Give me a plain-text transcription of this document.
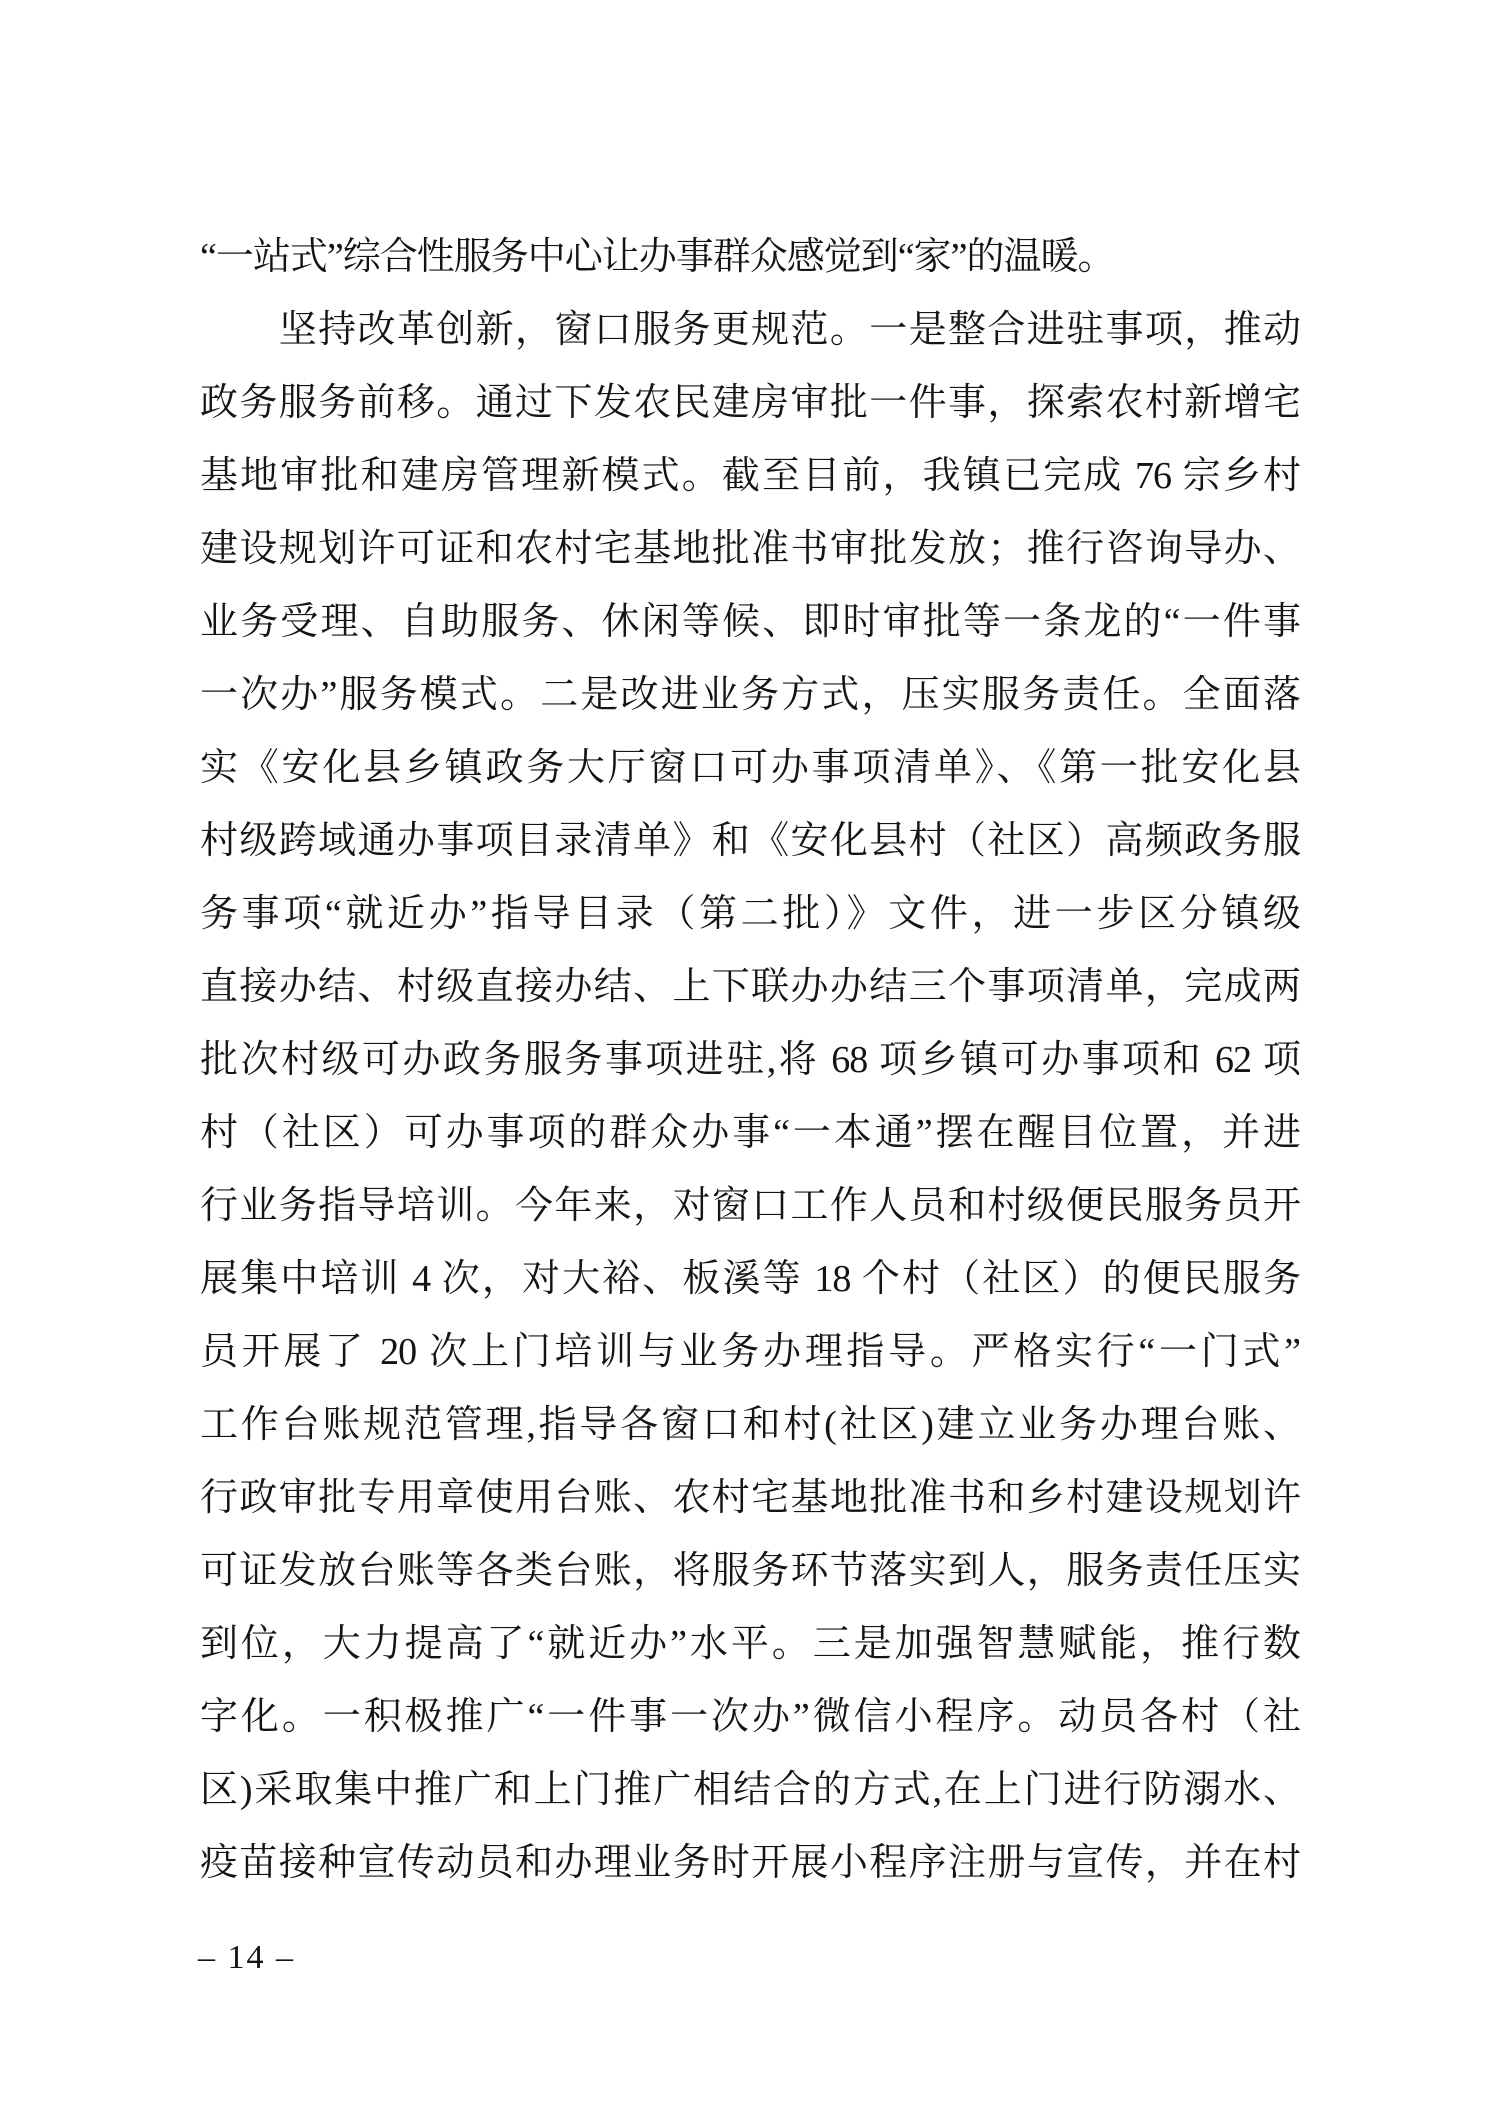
“一站式”综合性服务中心让办事群众感觉到“家”的温暖。

　　坚持改革创新，窗口服务更规范。一是整合进驻事项，推动

政务服务前移。通过下发农民建房审批一件事，探索农村新增宅

基地审批和建房管理新模式。截至目前，我镇已完成 76 宗乡村

建设规划许可证和农村宅基地批准书审批发放；推行咨询导办、

业务受理、自助服务、休闲等候、即时审批等一条龙的“一件事

一次办”服务模式。二是改进业务方式，压实服务责任。全面落

实《安化县乡镇政务大厅窗口可办事项清单》、《第一批安化县

村级跨域通办事项目录清单》和《安化县村（社区）高频政务服

务事项“就近办”指导目录（第二批）》文件，进一步区分镇级

直接办结、村级直接办结、上下联办办结三个事项清单，完成两

批次村级可办政务服务事项进驻,将 68 项乡镇可办事项和 62 项

村（社区）可办事项的群众办事“一本通”摆在醒目位置，并进

行业务指导培训。今年来，对窗口工作人员和村级便民服务员开

展集中培训 4 次，对大裕、板溪等 18 个村（社区）的便民服务

员开展了 20 次上门培训与业务办理指导。严格实行“一门式”

工作台账规范管理,指导各窗口和村(社区)建立业务办理台账、

行政审批专用章使用台账、农村宅基地批准书和乡村建设规划许

可证发放台账等各类台账，将服务环节落实到人，服务责任压实

到位，大力提高了“就近办”水平。三是加强智慧赋能，推行数

字化。一积极推广“一件事一次办”微信小程序。动员各村（社

区)采取集中推广和上门推广相结合的方式,在上门进行防溺水、

疫苗接种宣传动员和办理业务时开展小程序注册与宣传，并在村

– 14 –
